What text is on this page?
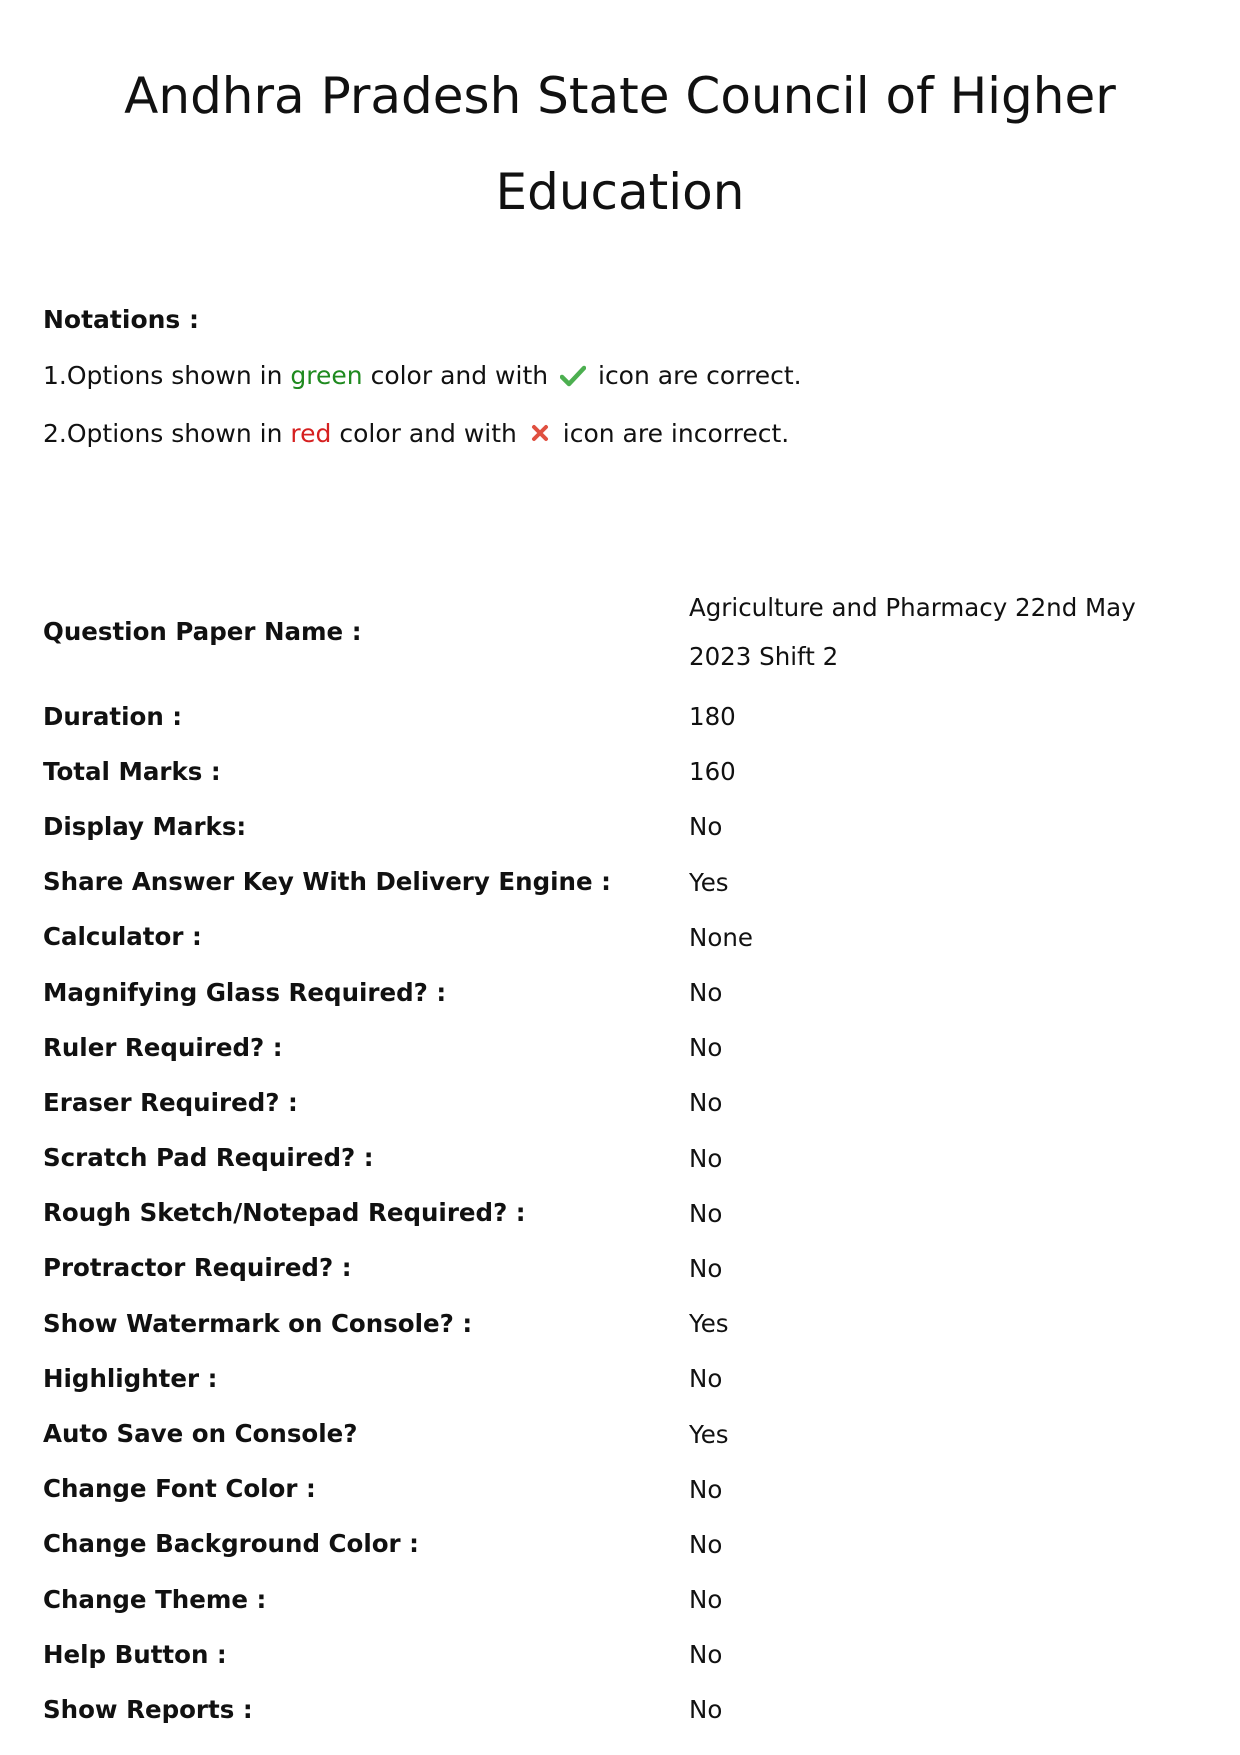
Andhra Pradesh State Council of Higher Education
Notations :
1.Options shown in green color and with  icon are correct.
2.Options shown in red color and with  icon are incorrect.
Question Paper Name :
Agriculture and Pharmacy 22nd May 2023 Shift 2
Duration :	180
Total Marks :	160
Display Marks:	No
Share Answer Key With Delivery Engine :	Yes
Calculator :	None
Magnifying Glass Required? :	No
Ruler Required? :	No
Eraser Required? :	No
Scratch Pad Required? :	No
Rough Sketch/Notepad Required? :	No
Protractor Required? :	No
Show Watermark on Console? :	Yes
Highlighter :	No
Auto Save on Console?	Yes
Change Font Color :	No
Change Background Color :	No
Change Theme :	No
Help Button :	No
Show Reports :	No
